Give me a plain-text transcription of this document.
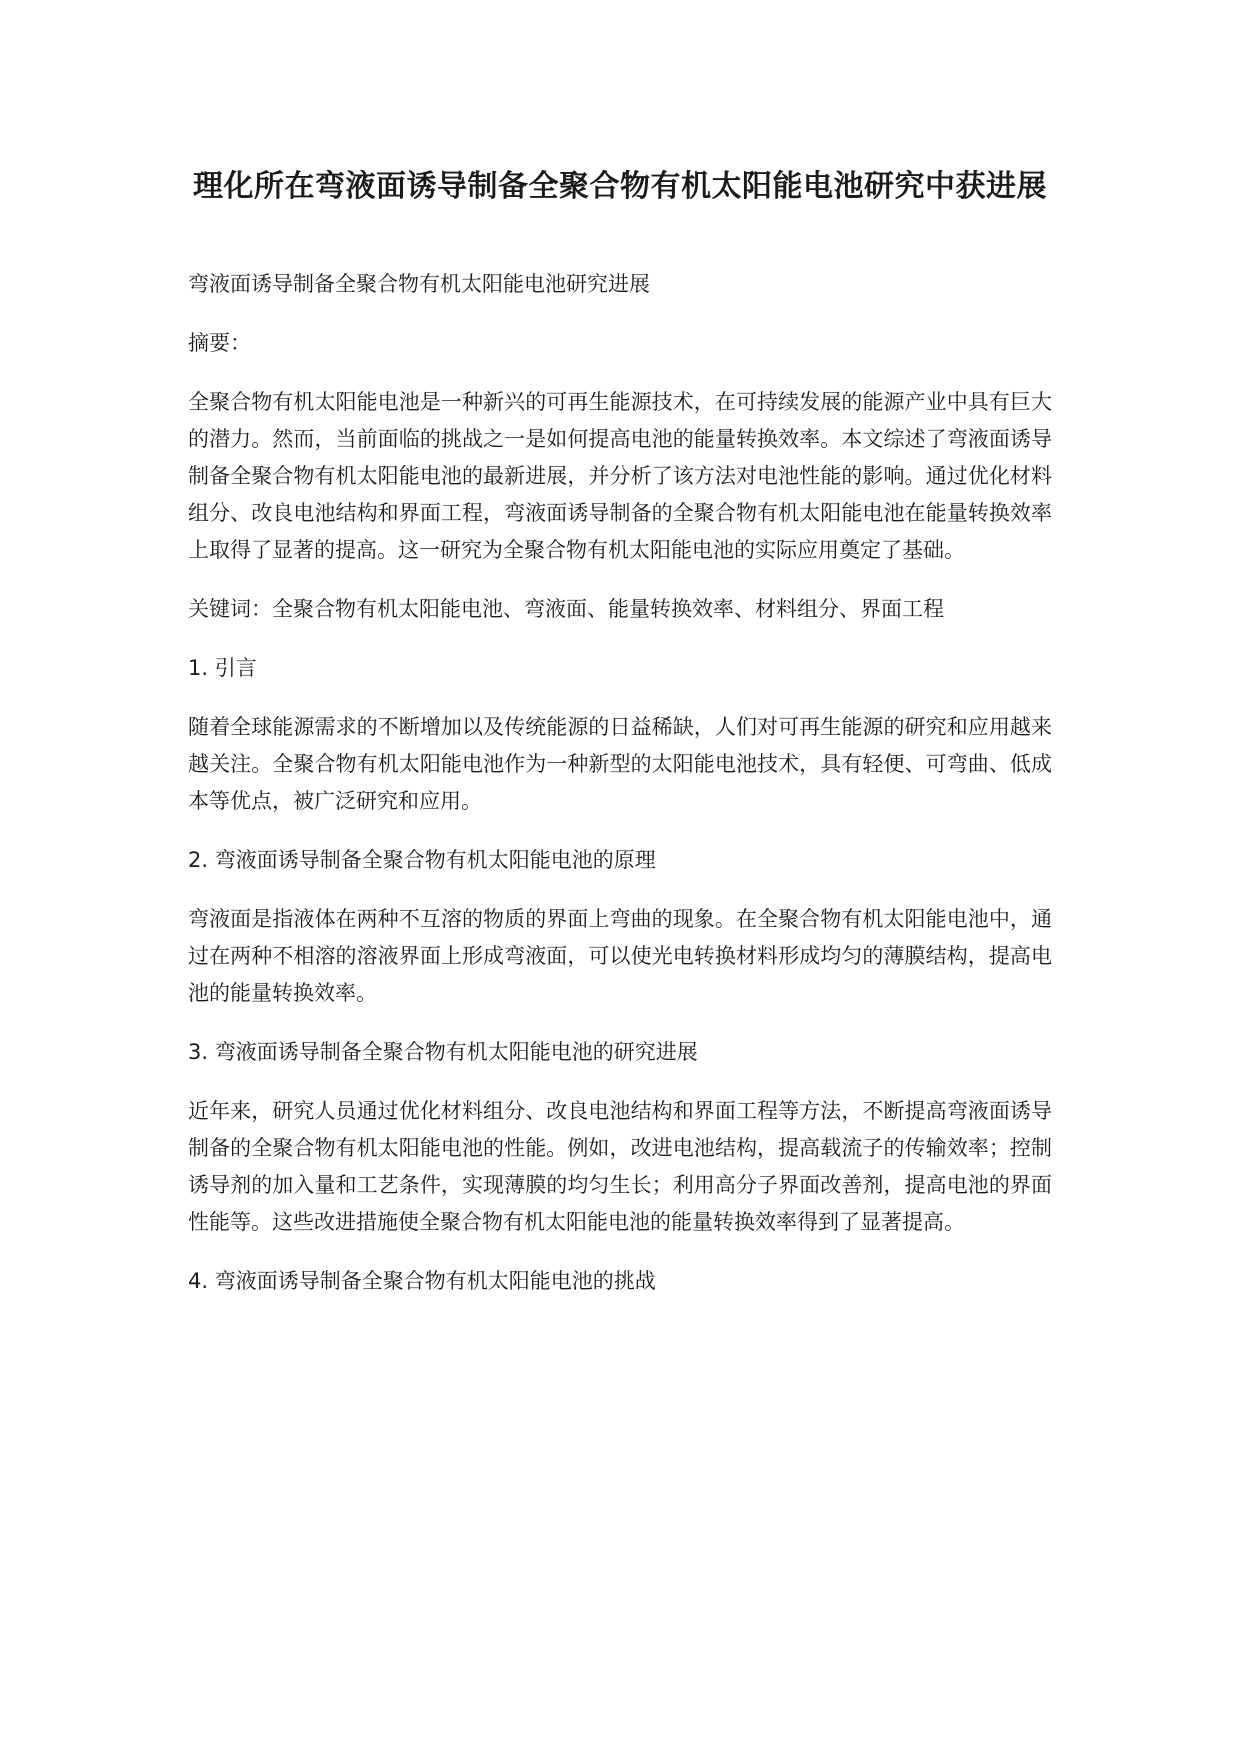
理化所在弯液面诱导制备全聚合物有机太阳能电池研究中获进展
弯液面诱导制备全聚合物有机太阳能电池研究进展
摘要：
全聚合物有机太阳能电池是一种新兴的可再生能源技术，在可持续发展的能源产业中具有巨大的潜力。然而，当前面临的挑战之一是如何提高电池的能量转换效率。本文综述了弯液面诱导制备全聚合物有机太阳能电池的最新进展，并分析了该方法对电池性能的影响。通过优化材料组分、改良电池结构和界面工程，弯液面诱导制备的全聚合物有机太阳能电池在能量转换效率上取得了显著的提高。这一研究为全聚合物有机太阳能电池的实际应用奠定了基础。
关键词：全聚合物有机太阳能电池、弯液面、能量转换效率、材料组分、界面工程
1. 引言
随着全球能源需求的不断增加以及传统能源的日益稀缺，人们对可再生能源的研究和应用越来越关注。全聚合物有机太阳能电池作为一种新型的太阳能电池技术，具有轻便、可弯曲、低成本等优点，被广泛研究和应用。
2. 弯液面诱导制备全聚合物有机太阳能电池的原理
弯液面是指液体在两种不互溶的物质的界面上弯曲的现象。在全聚合物有机太阳能电池中，通过在两种不相溶的溶液界面上形成弯液面，可以使光电转换材料形成均匀的薄膜结构，提高电池的能量转换效率。
3. 弯液面诱导制备全聚合物有机太阳能电池的研究进展
近年来，研究人员通过优化材料组分、改良电池结构和界面工程等方法，不断提高弯液面诱导制备的全聚合物有机太阳能电池的性能。例如，改进电池结构，提高载流子的传输效率；控制诱导剂的加入量和工艺条件，实现薄膜的均匀生长；利用高分子界面改善剂，提高电池的界面性能等。这些改进措施使全聚合物有机太阳能电池的能量转换效率得到了显著提高。
4. 弯液面诱导制备全聚合物有机太阳能电池的挑战
